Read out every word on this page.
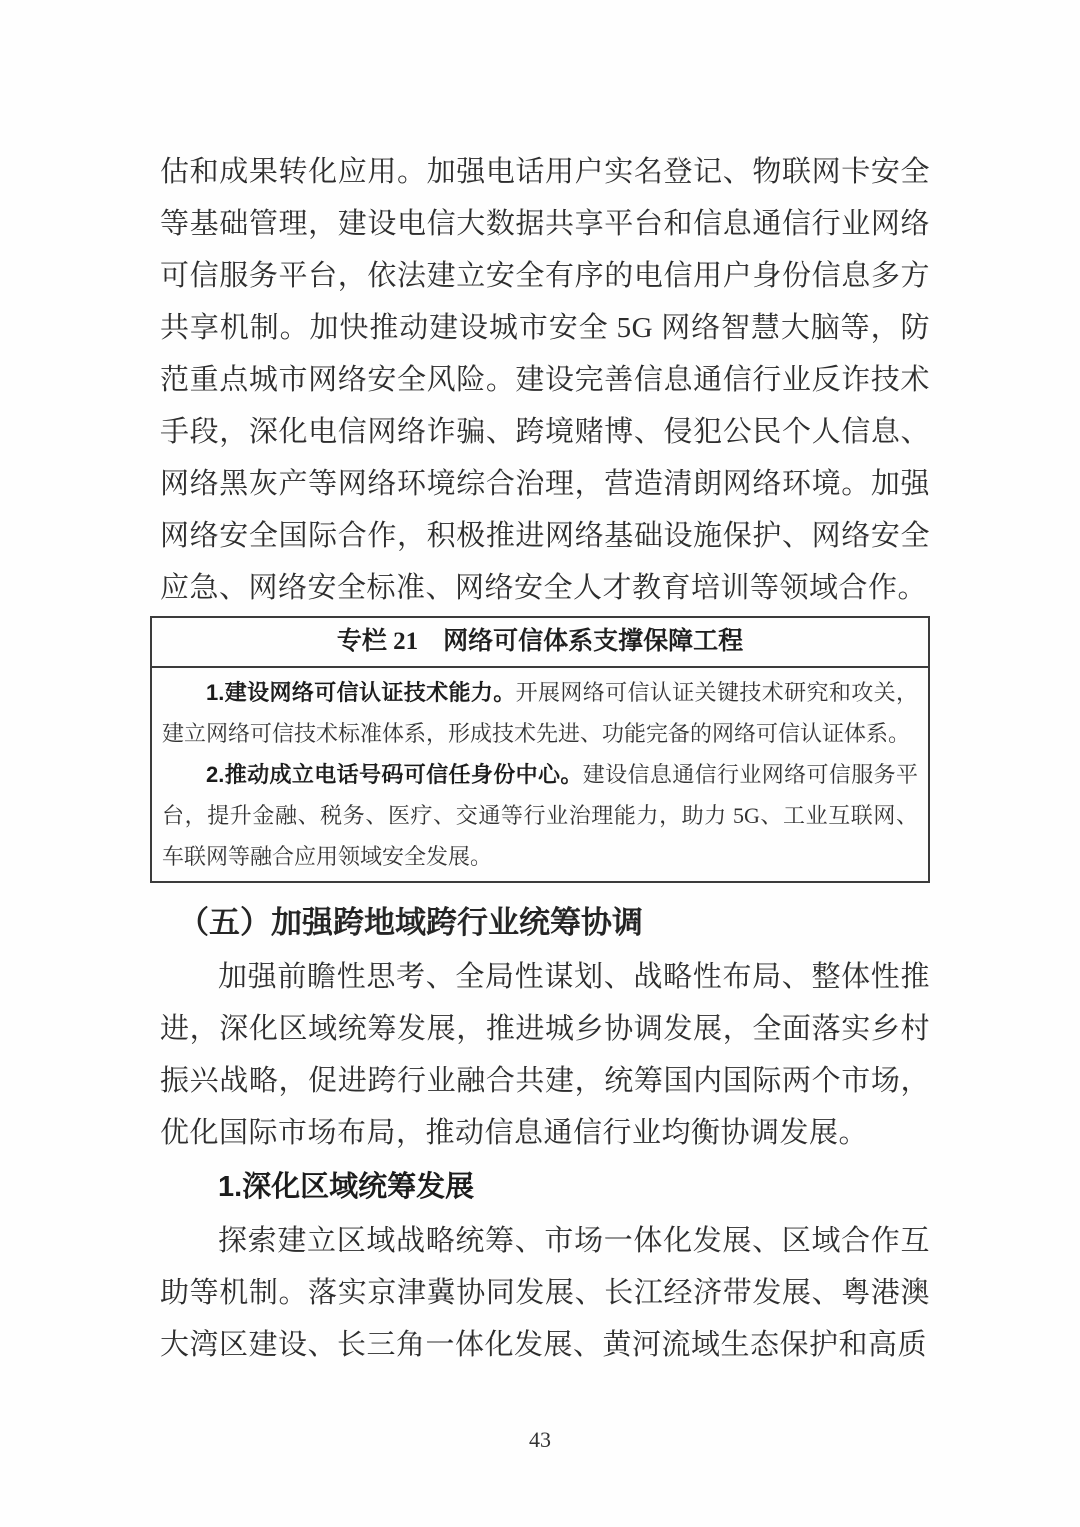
估和成果转化应用。加强电话用户实名登记、物联网卡安全等基础管理，建设电信大数据共享平台和信息通信行业网络可信服务平台，依法建立安全有序的电信用户身份信息多方共享机制。加快推动建设城市安全 5G 网络智慧大脑等，防范重点城市网络安全风险。建设完善信息通信行业反诈技术手段，深化电信网络诈骗、跨境赌博、侵犯公民个人信息、网络黑灰产等网络环境综合治理，营造清朗网络环境。加强网络安全国际合作，积极推进网络基础设施保护、网络安全应急、网络安全标准、网络安全人才教育培训等领域合作。

专栏 21　网络可信体系支撑保障工程

1.建设网络可信认证技术能力。开展网络可信认证关键技术研究和攻关，建立网络可信技术标准体系，形成技术先进、功能完备的网络可信认证体系。

2.推动成立电话号码可信任身份中心。建设信息通信行业网络可信服务平台，提升金融、税务、医疗、交通等行业治理能力，助力 5G、工业互联网、车联网等融合应用领域安全发展。

（五）加强跨地域跨行业统筹协调

加强前瞻性思考、全局性谋划、战略性布局、整体性推进，深化区域统筹发展，推进城乡协调发展，全面落实乡村振兴战略，促进跨行业融合共建，统筹国内国际两个市场，优化国际市场布局，推动信息通信行业均衡协调发展。

1.深化区域统筹发展

探索建立区域战略统筹、市场一体化发展、区域合作互助等机制。落实京津冀协同发展、长江经济带发展、粤港澳大湾区建设、长三角一体化发展、黄河流域生态保护和高质

43
